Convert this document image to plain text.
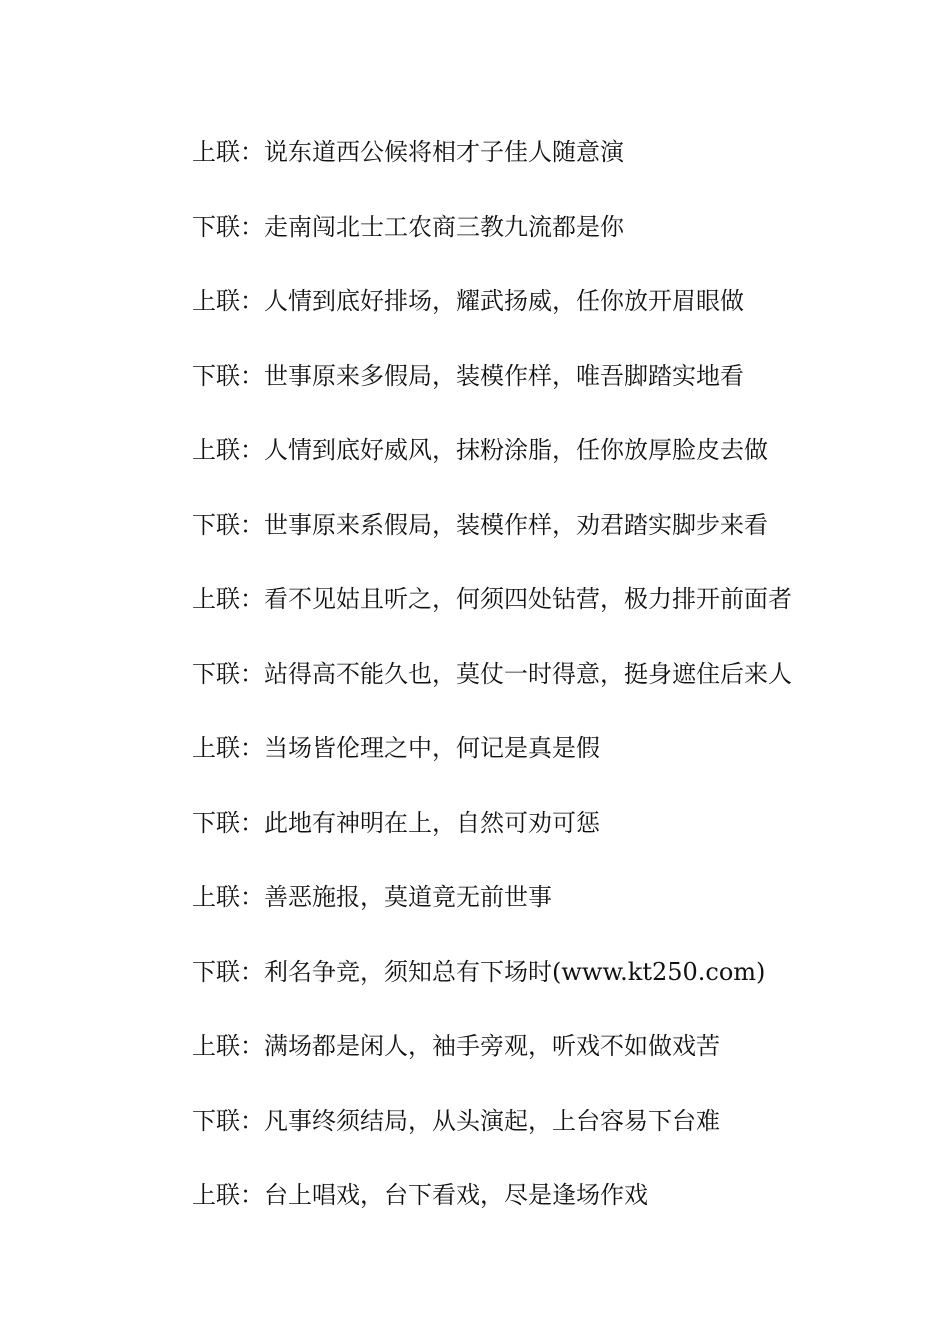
上联：说东道西公候将相才子佳人随意演
下联：走南闯北士工农商三教九流都是你
上联：人情到底好排场，耀武扬威，任你放开眉眼做
下联：世事原来多假局，装模作样，唯吾脚踏实地看
上联：人情到底好威风，抹粉涂脂，任你放厚脸皮去做
下联：世事原来系假局，装模作样，劝君踏实脚步来看
上联：看不见姑且听之，何须四处钻营，极力排开前面者
下联：站得高不能久也，莫仗一时得意，挺身遮住后来人
上联：当场皆伦理之中，何记是真是假
下联：此地有神明在上，自然可劝可惩
上联：善恶施报，莫道竟无前世事
下联：利名争竞，须知总有下场时(www.kt250.com)
上联：满场都是闲人，袖手旁观，听戏不如做戏苦
下联：凡事终须结局，从头演起，上台容易下台难
上联：台上唱戏，台下看戏，尽是逢场作戏
